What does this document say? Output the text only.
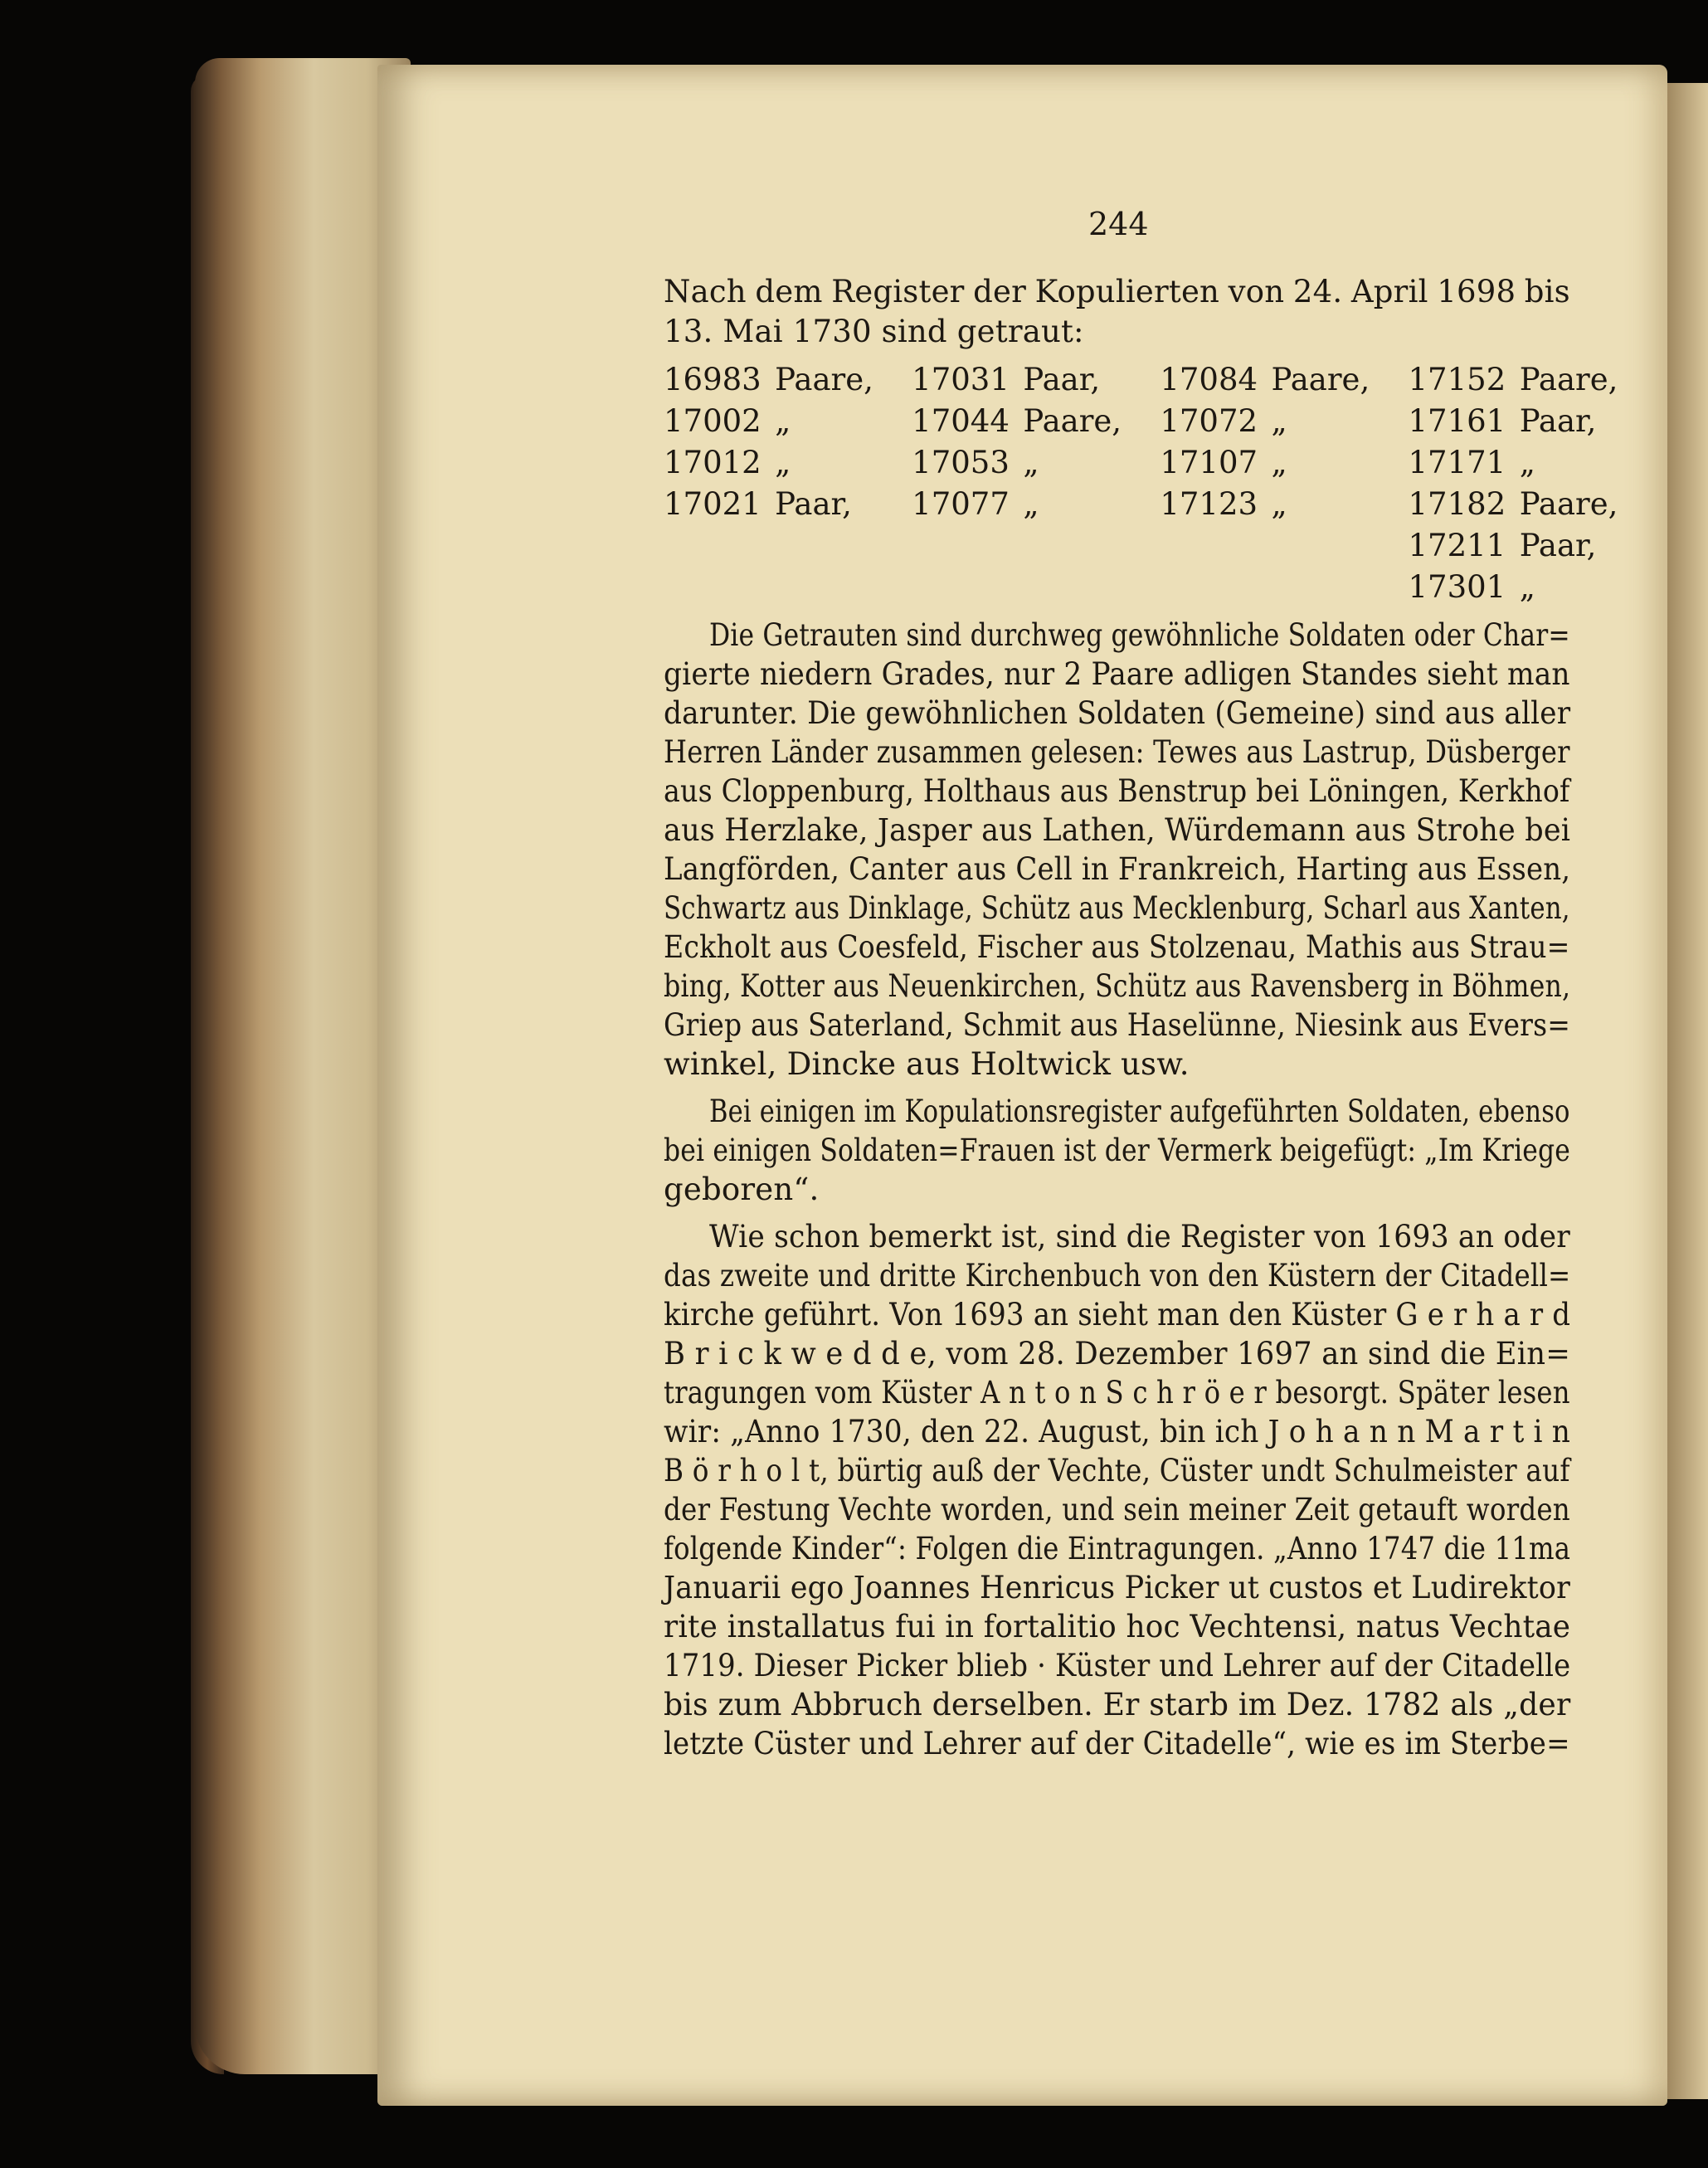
244
Nach dem Register der Kopulierten von 24. April 1698 bis
13. Mai 1730 sind getraut:
1698	3	Paare,	1703	1	Paar,	1708	4	Paare,	1715	2	Paare,
1700	2	„	1704	4	Paare,	1707	2	„	1716	1	Paar,
1701	2	„	1705	3	„	1710	7	„	1717	1	„
1702	1	Paar,	1707	7	„	1712	3	„	1718	2	Paare,
									1721	1	Paar,
									1730	1	„
Die Getrauten sind durchweg gewöhnliche Soldaten oder Char=
gierte niedern Grades, nur 2 Paare adligen Standes sieht man
darunter. Die gewöhnlichen Soldaten (Gemeine) sind aus aller
Herren Länder zusammen gelesen: Tewes aus Lastrup, Düsberger
aus Cloppenburg, Holthaus aus Benstrup bei Löningen, Kerkhof
aus Herzlake, Jasper aus Lathen, Würdemann aus Strohe bei
Langförden, Canter aus Cell in Frankreich, Harting aus Essen,
Schwartz aus Dinklage, Schütz aus Mecklenburg, Scharl aus Xanten,
Eckholt aus Coesfeld, Fischer aus Stolzenau, Mathis aus Strau=
bing, Kotter aus Neuenkirchen, Schütz aus Ravensberg in Böhmen,
Griep aus Saterland, Schmit aus Haselünne, Niesink aus Evers=
winkel, Dincke aus Holtwick usw.
Bei einigen im Kopulationsregister aufgeführten Soldaten, ebenso
bei einigen Soldaten=Frauen ist der Vermerk beigefügt: „Im Kriege
geboren“.
Wie schon bemerkt ist, sind die Register von 1693 an oder
das zweite und dritte Kirchenbuch von den Küstern der Citadell=
kirche geführt. Von 1693 an sieht man den Küster G e r h a r d
B r i c k w e d d e, vom 28. Dezember 1697 an sind die Ein=
tragungen vom Küster A n t o n S c h r ö e r besorgt. Später lesen
wir: „Anno 1730, den 22. August, bin ich J o h a n n M a r t i n
B ö r h o l t, bürtig auß der Vechte, Cüster undt Schulmeister auf
der Festung Vechte worden, und sein meiner Zeit getauft worden
folgende Kinder“: Folgen die Eintragungen. „Anno 1747 die 11ma
Januarii ego Joannes Henricus Picker ut custos et Ludirektor
rite installatus fui in fortalitio hoc Vechtensi, natus Vechtae
1719. Dieser Picker blieb · Küster und Lehrer auf der Citadelle
bis zum Abbruch derselben. Er starb im Dez. 1782 als „der
letzte Cüster und Lehrer auf der Citadelle“, wie es im Sterbe=
